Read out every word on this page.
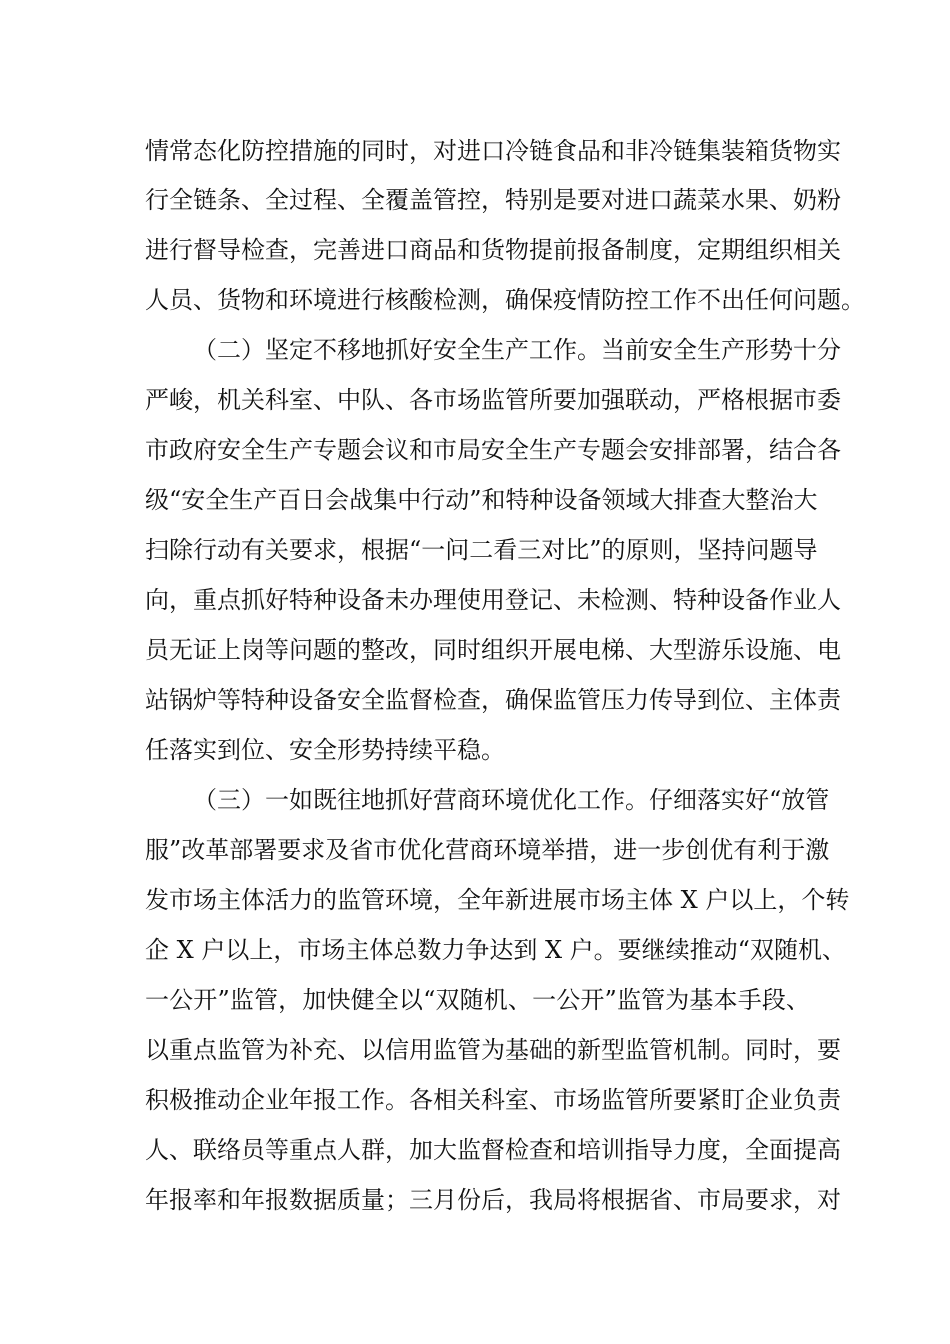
情常态化防控措施的同时，对进口冷链食品和非冷链集装箱货物实
行全链条、全过程、全覆盖管控，特别是要对进口蔬菜水果、奶粉
进行督导检查，完善进口商品和货物提前报备制度，定期组织相关
人员、货物和环境进行核酸检测，确保疫情防控工作不出任何问题。
（二）坚定不移地抓好安全生产工作。当前安全生产形势十分
严峻，机关科室、中队、各市场监管所要加强联动，严格根据市委
市政府安全生产专题会议和市局安全生产专题会安排部署，结合各
级“安全生产百日会战集中行动”和特种设备领域大排查大整治大
扫除行动有关要求，根据“一问二看三对比”的原则，坚持问题导
向，重点抓好特种设备未办理使用登记、未检测、特种设备作业人
员无证上岗等问题的整改，同时组织开展电梯、大型游乐设施、电
站锅炉等特种设备安全监督检查，确保监管压力传导到位、主体责
任落实到位、安全形势持续平稳。
（三）一如既往地抓好营商环境优化工作。仔细落实好“放管
服”改革部署要求及省市优化营商环境举措，进一步创优有利于激
发市场主体活力的监管环境，全年新进展市场主体 X 户以上，个转
企 X 户以上，市场主体总数力争达到 X 户。要继续推动“双随机、
一公开”监管，加快健全以“双随机、一公开”监管为基本手段、
以重点监管为补充、以信用监管为基础的新型监管机制。同时，要
积极推动企业年报工作。各相关科室、市场监管所要紧盯企业负责
人、联络员等重点人群，加大监督检查和培训指导力度，全面提高
年报率和年报数据质量；三月份后，我局将根据省、市局要求，对
